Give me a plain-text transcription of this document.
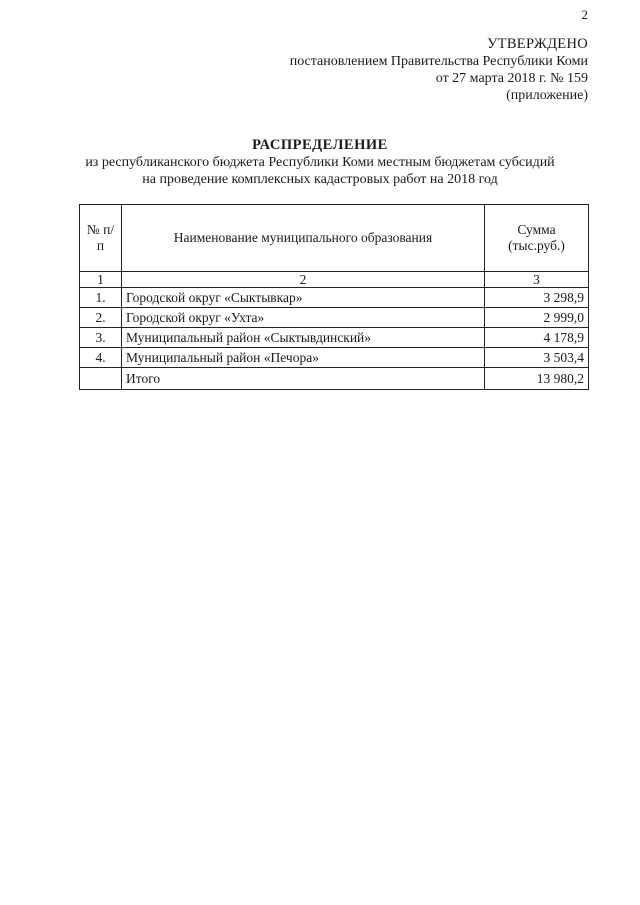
2
УТВЕРЖДЕНО
постановлением Правительства Республики Коми
от 27 марта 2018 г. № 159
(приложение)
РАСПРЕДЕЛЕНИЕ
из республиканского бюджета Республики Коми местным бюджетам субсидий
на проведение комплексных кадастровых работ на 2018 год
№ п/п	Наименование муниципального образования	Сумма (тыс.руб.)
1	2	3
1.	Городской округ «Сыктывкар»	3 298,9
2.	Городской округ «Ухта»	2 999,0
3.	Муниципальный район «Сыктывдинский»	4 178,9
4.	Муниципальный район «Печора»	3 503,4
	Итого	13 980,2
